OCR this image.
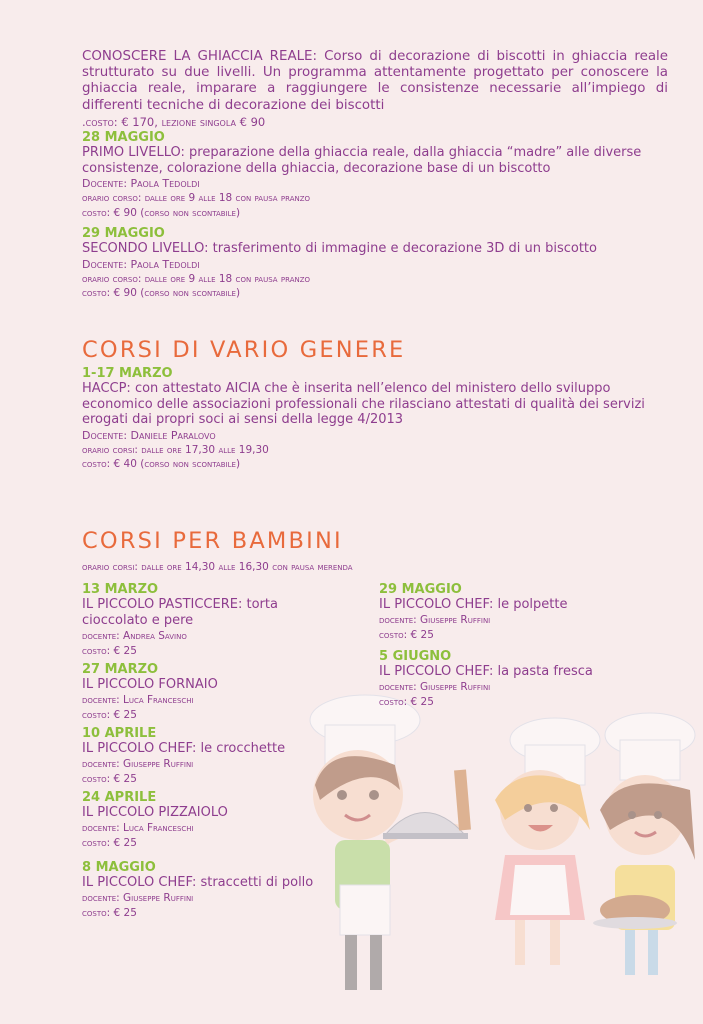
CONOSCERE LA GHIACCIA REALE: Corso di decorazione di biscotti in ghiaccia reale strutturato su due livelli. Un programma attentamente progettato per conoscere la ghiaccia reale, imparare a raggiungere le consistenze necessarie all’impiego di differenti tecniche di decorazione dei biscotti
.costo: € 170, lezione singola € 90
28 MAGGIO
PRIMO LIVELLO: preparazione della ghiaccia reale, dalla ghiaccia “madre” alle diverse consistenze, colorazione della ghiaccia, decorazione base di un biscotto
Docente: Paola Tedoldi
orario corso: dalle ore 9 alle 18 con pausa pranzo
costo: € 90 (corso non scontabile)
29 MAGGIO
SECONDO LIVELLO: trasferimento di immagine e decorazione 3D di un biscotto
Docente: Paola Tedoldi
orario corso: dalle ore 9 alle 18 con pausa pranzo
costo: € 90 (corso non scontabile)
CORSI DI VARIO GENERE
1-17 MARZO
HACCP: con attestato AICIA che è inserita nell’elenco del ministero dello sviluppo economico delle associazioni professionali che rilasciano attestati di qualità dei servizi erogati dai propri soci ai sensi della legge 4/2013
Docente: Daniele Paralovo
orario corsi: dalle ore 17,30 alle 19,30
costo: € 40 (corso non scontabile)
CORSI PER BAMBINI
orario corsi: dalle ore 14,30 alle 16,30 con pausa merenda
13 MARZO
IL PICCOLO PASTICCERE: torta cioccolato e pere
docente: Andrea Savino
costo: € 25
27 MARZO
IL PICCOLO FORNAIO
docente: Luca Franceschi
costo: € 25
10 APRILE
IL PICCOLO CHEF: le crocchette
docente: Giuseppe Ruffini
costo: € 25
24 APRILE
IL PICCOLO PIZZAIOLO
docente: Luca Franceschi
costo: € 25
8 MAGGIO
IL PICCOLO CHEF: straccetti di pollo
docente: Giuseppe Ruffini
costo: € 25
29 MAGGIO
IL PICCOLO CHEF: le polpette
docente: Giuseppe Ruffini
costo: € 25
5 GIUGNO
IL PICCOLO CHEF: la pasta fresca
docente: Giuseppe Ruffini
costo: € 25
